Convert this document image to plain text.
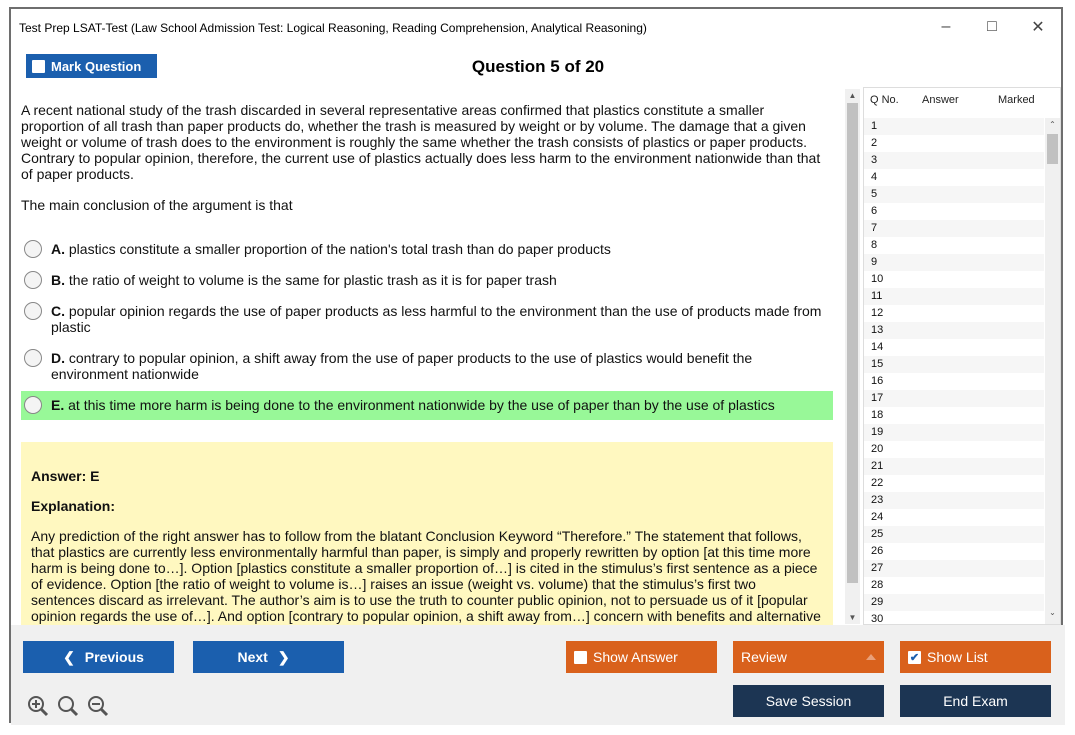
Test Prep LSAT-Test (Law School Admission Test: Logical Reasoning, Reading Comprehension, Analytical Reasoning)	–	□	✕
Mark Question	Question 5 of 20
A recent national study of the trash discarded in several representative areas confirmed that plastics constitute a smaller proportion of all trash than paper products do, whether the trash is measured by weight or by volume. The damage that a given weight or volume of trash does to the environment is roughly the same whether the trash consists of plastics or paper products. Contrary to popular opinion, therefore, the current use of plastics actually does less harm to the environment nationwide than that of paper products.
The main conclusion of the argument is that
A. plastics constitute a smaller proportion of the nation's total trash than do paper products
B. the ratio of weight to volume is the same for plastic trash as it is for paper trash
C. popular opinion regards the use of paper products as less harmful to the environment than the use of products made from plastic
D. contrary to popular opinion, a shift away from the use of paper products to the use of plastics would benefit the environment nationwide
E. at this time more harm is being done to the environment nationwide by the use of paper than by the use of plastics
Answer: E
Explanation:
Any prediction of the right answer has to follow from the blatant Conclusion Keyword “Therefore.” The statement that follows, that plastics are currently less environmentally harmful than paper, is simply and properly rewritten by option [at this time more harm is being done to…]. Option [plastics constitute a smaller proportion of…] is cited in the stimulus’s first sentence as a piece of evidence. Option [the ratio of weight to volume is…] raises an issue (weight vs. volume) that the stimulus’s first two sentences discard as irrelevant. The author’s aim is to use the truth to counter public opinion, not to persuade us of it [popular opinion regards the use of…]. And option [contrary to popular opinion, a shift away from…] concern with benefits and alternative
▲
▼
Q No. Answer	Marked
1
2
3
4
5
6
7
8
9
10
11
12
13
14
15
16
17
18
19
20
21
22
23
24
25
26
27
28
29
30
⌃
⌄
❮ Previous	Next ❯	Show Answer	Review	✔ Show List
Save Session	End Exam
